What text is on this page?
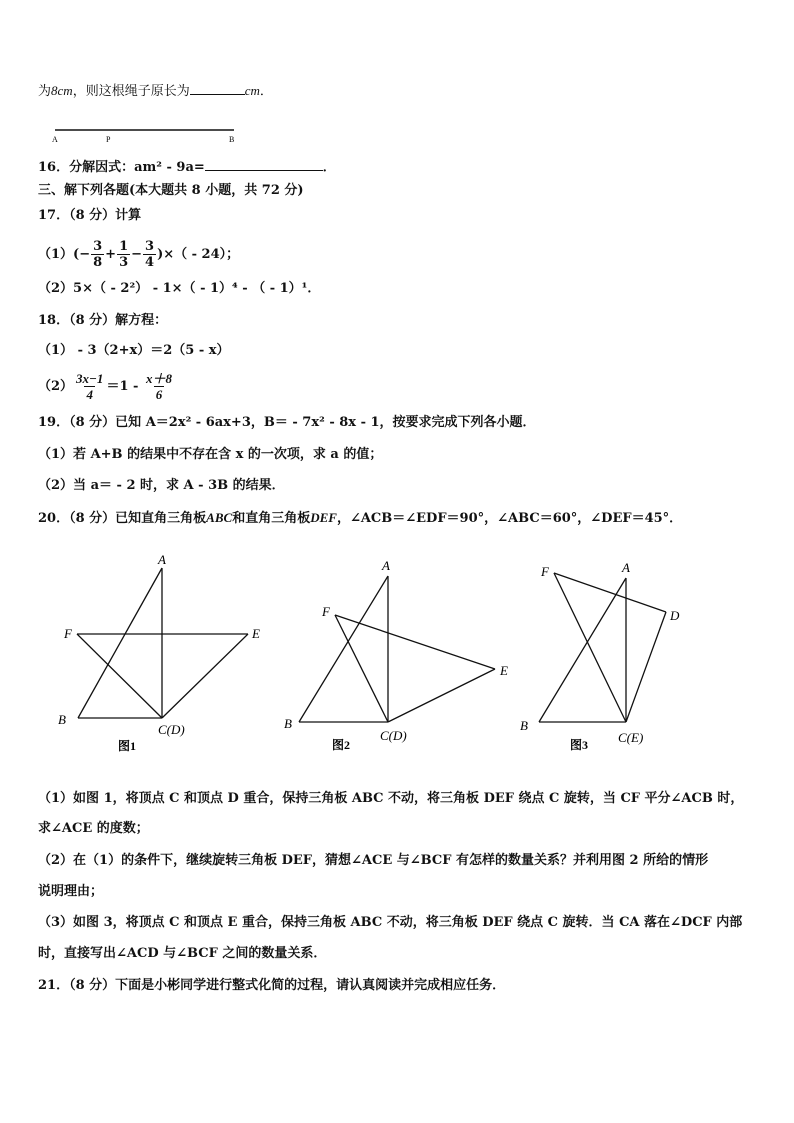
为8cm，则这根绳子原长为	cm．
A	P	B
16．分解因式：am² - 9a=	．
三、解下列各题(本大题共 8 小题，共 72 分)
17．（8 分）计算
$(1)(- \frac{3}{8} + \frac{1}{3} - \frac{3}{4}$ )×（ - 24）；
（2）5×（ - 2²） - 1×（ - 1）⁴ - （ - 1）¹．
18．（8 分）解方程：
（1） - 3（2+x）＝2（5 - x）
$(2) \frac{3x-1}{4} =1 - \frac{x+8}{6}$
19．（8 分）已知 A＝2x² - 6ax+3，B＝ - 7x² - 8x - 1，按要求完成下列各小题．
（1）若 A+B 的结果中不存在含 x 的一次项，求 a 的值；
（2）当 a＝ - 2 时，求 A - 3B 的结果．
20．（8 分）已知直角三角板ABC和直角三角板DEF，∠ACB＝∠EDF＝90°，∠ABC＝60°，∠DEF＝45°．
A
F	E
B
C(D)
图1
A
F
E
B
C(D)
图2
A
F
D
B
C(E)
图3
（1）如图 1，将顶点 C 和顶点 D 重合，保持三角板 ABC 不动，将三角板 DEF 绕点 C 旋转，当 CF 平分∠ACB 时，
求∠ACE 的度数；
（2）在（1）的条件下，继续旋转三角板 DEF，猜想∠ACE 与∠BCF 有怎样的数量关系？并利用图 2 所给的情形
说明理由；
（3）如图 3，将顶点 C 和顶点 E 重合，保持三角板 ABC 不动，将三角板 DEF 绕点 C 旋转．当 CA 落在∠DCF 内部
时，直接写出∠ACD 与∠BCF 之间的数量关系．
21．（8 分）下面是小彬同学进行整式化简的过程，请认真阅读并完成相应任务．
